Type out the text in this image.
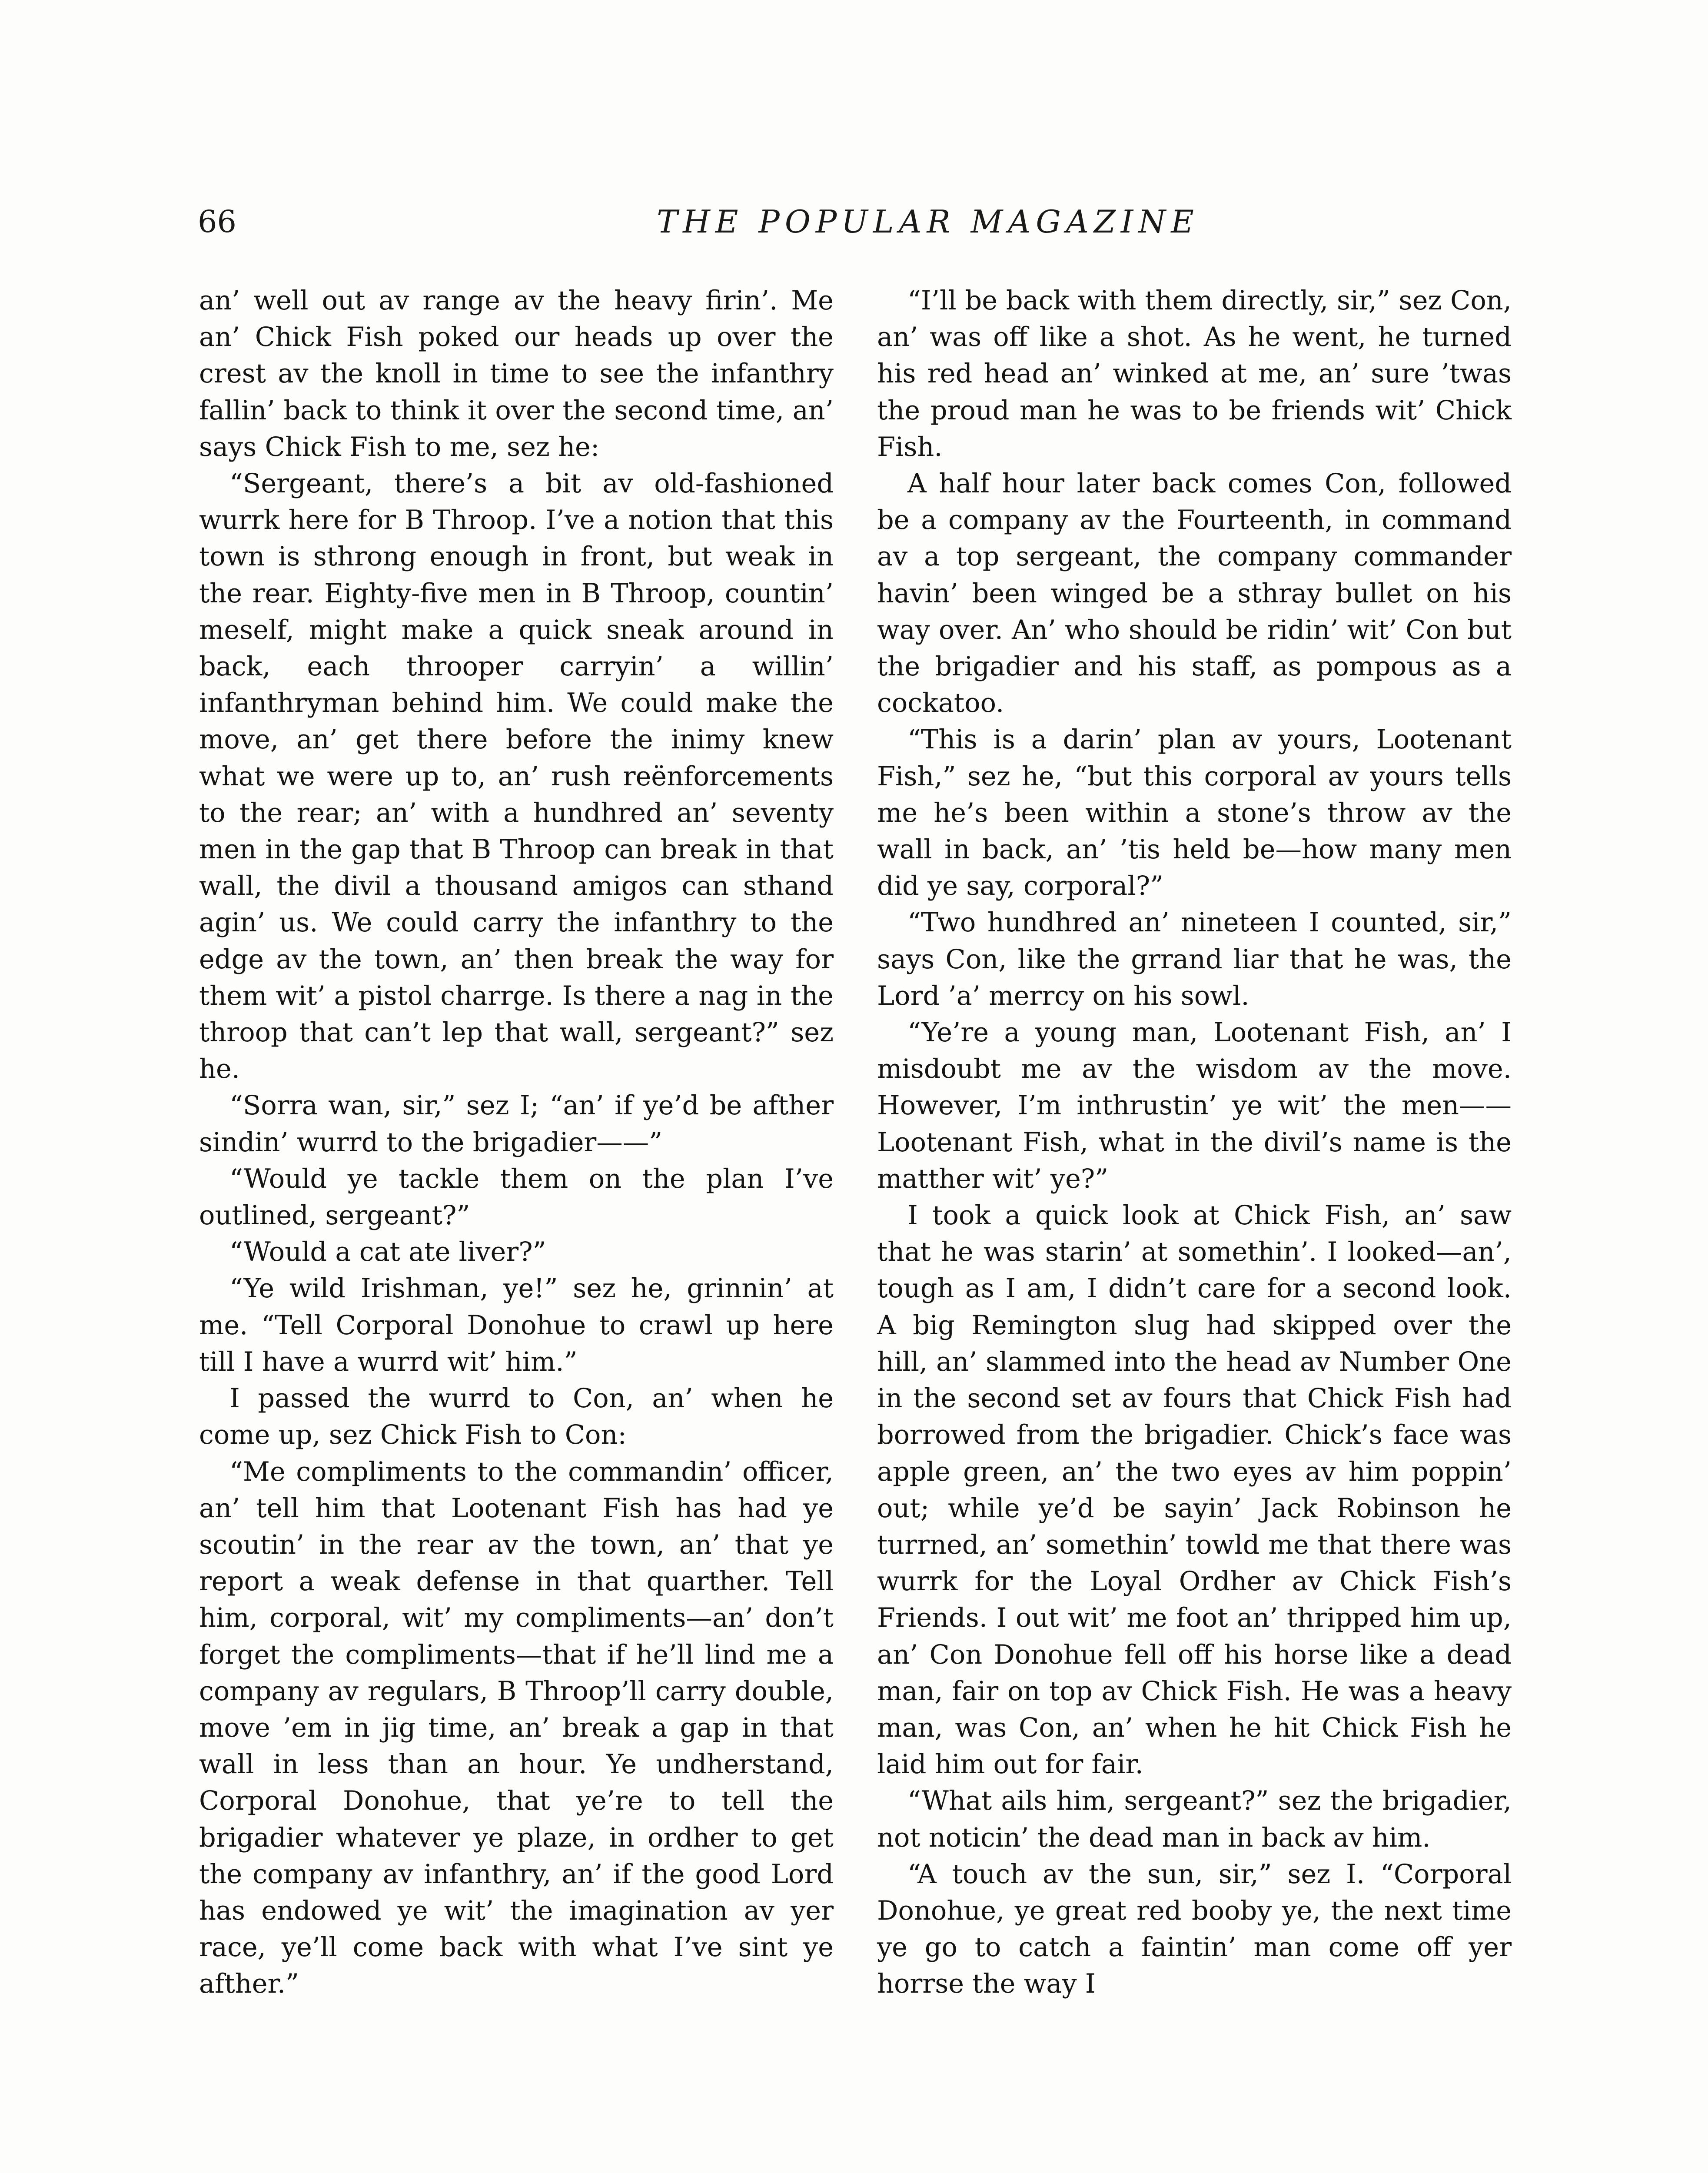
66	THE POPULAR MAGAZINE

an’ well out av range av the heavy firin’. Me an’ Chick Fish poked our heads up over the crest av the knoll in time to see the infanthry fallin’ back to think it over the second time, an’ says Chick Fish to me, sez he:

“Sergeant, there’s a bit av old-fashioned wurrk here for B Throop. I’ve a notion that this town is sthrong enough in front, but weak in the rear. Eighty-five men in B Throop, countin’ meself, might make a quick sneak around in back, each throoper carryin’ a willin’ infanthryman behind him. We could make the move, an’ get there before the inimy knew what we were up to, an’ rush reënforcements to the rear; an’ with a hundhred an’ seventy men in the gap that B Throop can break in that wall, the divil a thousand amigos can sthand agin’ us. We could carry the infanthry to the edge av the town, an’ then break the way for them wit’ a pistol charrge. Is there a nag in the throop that can’t lep that wall, sergeant?” sez he.

“Sorra wan, sir,” sez I; “an’ if ye’d be afther sindin’ wurrd to the brigadier——”

“Would ye tackle them on the plan I’ve outlined, sergeant?”

“Would a cat ate liver?”

“Ye wild Irishman, ye!” sez he, grinnin’ at me. “Tell Corporal Donohue to crawl up here till I have a wurrd wit’ him.”

I passed the wurrd to Con, an’ when he come up, sez Chick Fish to Con:

“Me compliments to the commandin’ officer, an’ tell him that Lootenant Fish has had ye scoutin’ in the rear av the town, an’ that ye report a weak defense in that quarther. Tell him, corporal, wit’ my compliments—an’ don’t forget the compliments—that if he’ll lind me a company av regulars, B Throop’ll carry double, move ’em in jig time, an’ break a gap in that wall in less than an hour. Ye undherstand, Corporal Donohue, that ye’re to tell the brigadier whatever ye plaze, in ordher to get the company av infanthry, an’ if the good Lord has endowed ye wit’ the imagination av yer race, ye’ll come back with what I’ve sint ye afther.”

“I’ll be back with them directly, sir,” sez Con, an’ was off like a shot. As he went, he turned his red head an’ winked at me, an’ sure ’twas the proud man he was to be friends wit’ Chick Fish.

A half hour later back comes Con, followed be a company av the Fourteenth, in command av a top sergeant, the company commander havin’ been winged be a sthray bullet on his way over. An’ who should be ridin’ wit’ Con but the brigadier and his staff, as pompous as a cockatoo.

“This is a darin’ plan av yours, Lootenant Fish,” sez he, “but this corporal av yours tells me he’s been within a stone’s throw av the wall in back, an’ ’tis held be—how many men did ye say, corporal?”

“Two hundhred an’ nineteen I counted, sir,” says Con, like the grrand liar that he was, the Lord ’a’ merrcy on his sowl.

“Ye’re a young man, Lootenant Fish, an’ I misdoubt me av the wisdom av the move. However, I’m inthrustin’ ye wit’ the men—— Lootenant Fish, what in the divil’s name is the matther wit’ ye?”

I took a quick look at Chick Fish, an’ saw that he was starin’ at somethin’. I looked—an’, tough as I am, I didn’t care for a second look. A big Remington slug had skipped over the hill, an’ slammed into the head av Number One in the second set av fours that Chick Fish had borrowed from the brigadier. Chick’s face was apple green, an’ the two eyes av him poppin’ out; while ye’d be sayin’ Jack Robinson he turrned, an’ somethin’ towld me that there was wurrk for the Loyal Ordher av Chick Fish’s Friends. I out wit’ me foot an’ thripped him up, an’ Con Donohue fell off his horse like a dead man, fair on top av Chick Fish. He was a heavy man, was Con, an’ when he hit Chick Fish he laid him out for fair.

“What ails him, sergeant?” sez the brigadier, not noticin’ the dead man in back av him.

“A touch av the sun, sir,” sez I. “Corporal Donohue, ye great red booby ye, the next time ye go to catch a faintin’ man come off yer horrse the way I
